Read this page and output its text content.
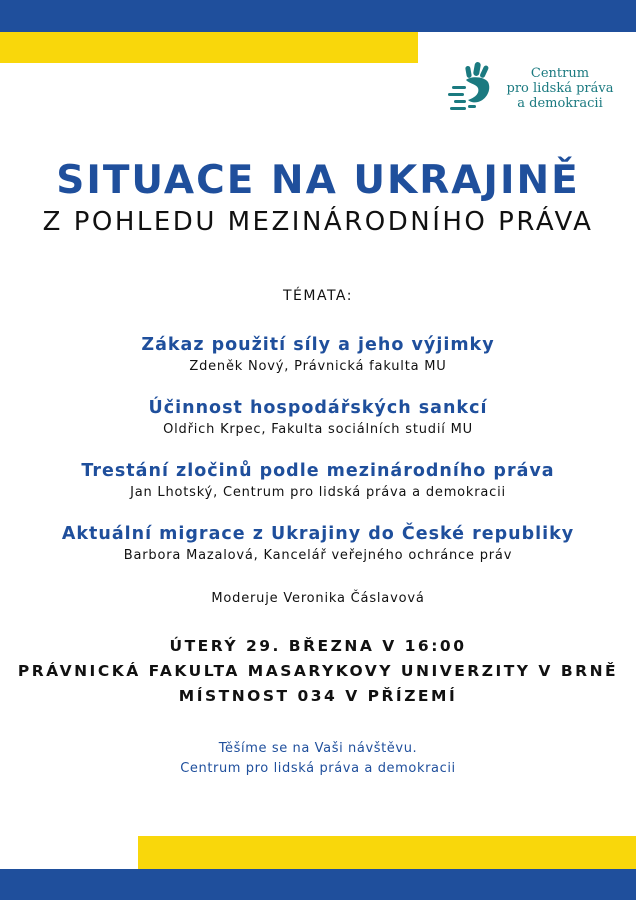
Centrum
pro lidská práva
a demokracii
SITUACE NA UKRAJINĚ
Z POHLEDU MEZINÁRODNÍHO PRÁVA
TÉMATA:
Zákaz použití síly a jeho výjimky
Zdeněk Nový, Právnická fakulta MU
Účinnost hospodářských sankcí
Oldřich Krpec, Fakulta sociálních studií MU
Trestání zločinů podle mezinárodního práva
Jan Lhotský, Centrum pro lidská práva a demokracii
Aktuální migrace z Ukrajiny do České republiky
Barbora Mazalová, Kancelář veřejného ochránce práv
Moderuje Veronika Čáslavová
ÚTERÝ 29. BŘEZNA V 16:00
PRÁVNICKÁ FAKULTA MASARYKOVY UNIVERZITY V BRNĚ
MÍSTNOST 034 V PŘÍZEMÍ
Těšíme se na Vaši návštěvu.
Centrum pro lidská práva a demokracii
